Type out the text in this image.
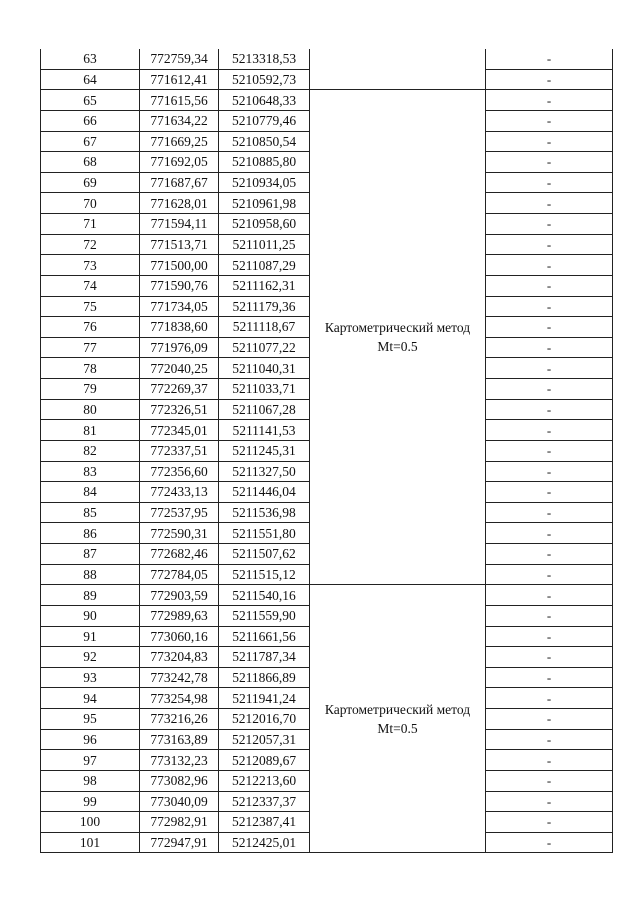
63	772759,34	5213318,53		-
64	771612,41	5210592,73		-
65	771615,56	5210648,33	Картометрический метод Mt=0.5	-
66	771634,22	5210779,46		-
67	771669,25	5210850,54		-
68	771692,05	5210885,80		-
69	771687,67	5210934,05		-
70	771628,01	5210961,98		-
71	771594,11	5210958,60		-
72	771513,71	5211011,25		-
73	771500,00	5211087,29		-
74	771590,76	5211162,31		-
75	771734,05	5211179,36		-
76	771838,60	5211118,67		-
77	771976,09	5211077,22		-
78	772040,25	5211040,31		-
79	772269,37	5211033,71		-
80	772326,51	5211067,28		-
81	772345,01	5211141,53		-
82	772337,51	5211245,31		-
83	772356,60	5211327,50		-
84	772433,13	5211446,04		-
85	772537,95	5211536,98		-
86	772590,31	5211551,80		-
87	772682,46	5211507,62		-
88	772784,05	5211515,12		-
89	772903,59	5211540,16	Картометрический метод Mt=0.5	-
90	772989,63	5211559,90		-
91	773060,16	5211661,56		-
92	773204,83	5211787,34		-
93	773242,78	5211866,89		-
94	773254,98	5211941,24		-
95	773216,26	5212016,70		-
96	773163,89	5212057,31		-
97	773132,23	5212089,67		-
98	773082,96	5212213,60		-
99	773040,09	5212337,37		-
100	772982,91	5212387,41		-
101	772947,91	5212425,01		-
